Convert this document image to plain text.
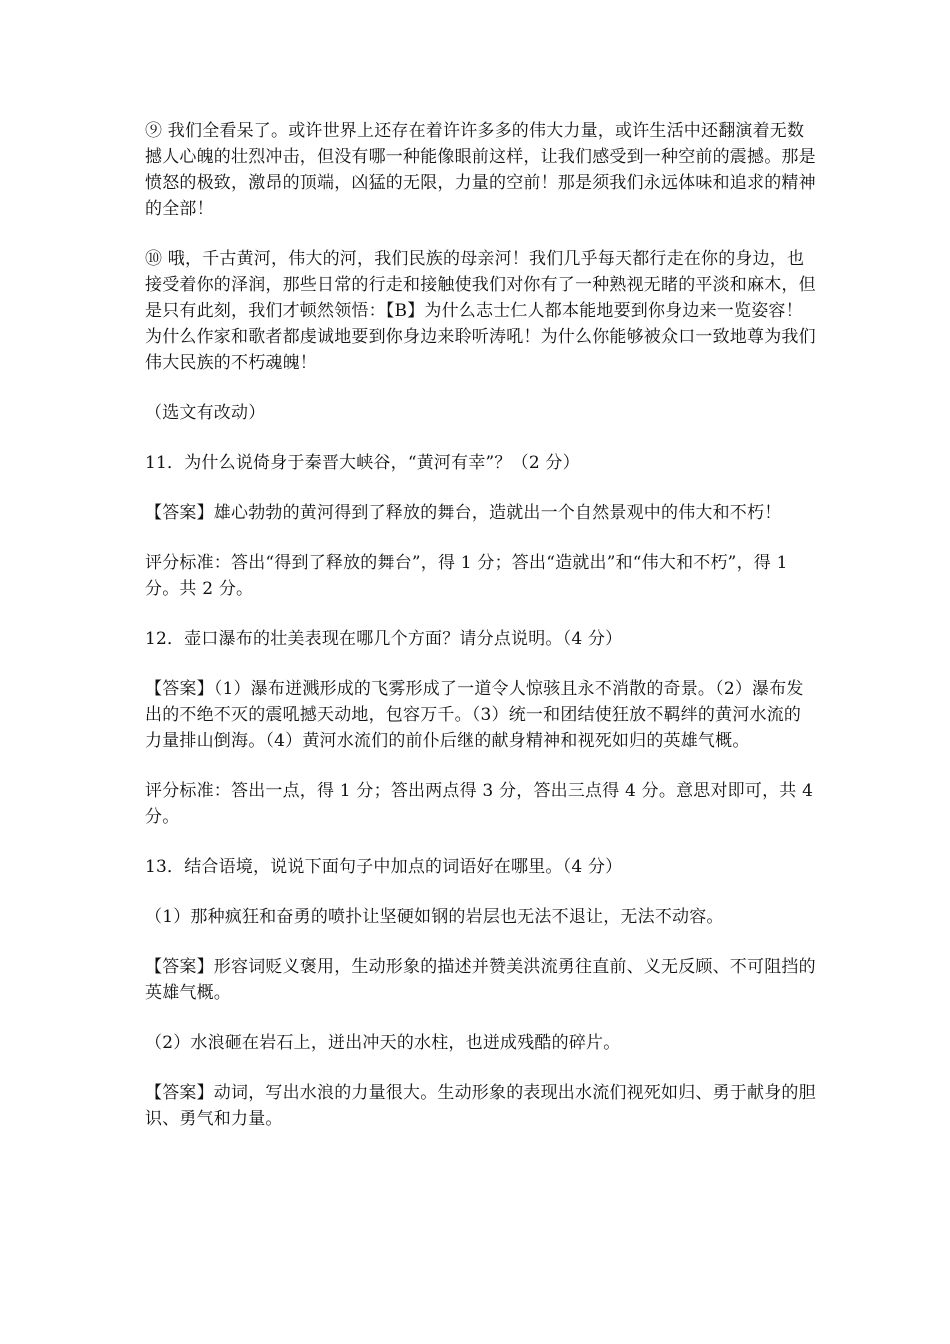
⑨ 我们全看呆了。或许世界上还存在着许许多多的伟大力量，或许生活中还翻演着无数撼人心魄的壮烈冲击，但没有哪一种能像眼前这样，让我们感受到一种空前的震撼。那是愤怒的极致，激昂的顶端，凶猛的无限，力量的空前！那是须我们永远体味和追求的精神的全部！

⑩ 哦，千古黄河，伟大的河，我们民族的母亲河！我们几乎每天都行走在你的身边，也接受着你的泽润，那些日常的行走和接触使我们对你有了一种熟视无睹的平淡和麻木，但是只有此刻，我们才顿然领悟：【B】为什么志士仁人都本能地要到你身边来一览姿容！为什么作家和歌者都虔诚地要到你身边来聆听涛吼！为什么你能够被众口一致地尊为我们伟大民族的不朽魂魄！

（选文有改动）

11．为什么说倚身于秦晋大峡谷，“黄河有幸”？（2 分）

【答案】雄心勃勃的黄河得到了释放的舞台，造就出一个自然景观中的伟大和不朽！

评分标准：答出“得到了释放的舞台”，得 1 分；答出“造就出”和“伟大和不朽”，得 1 分。共 2 分。

12．壶口瀑布的壮美表现在哪几个方面？请分点说明。（4 分）

【答案】（1）瀑布迸溅形成的飞雾形成了一道令人惊骇且永不消散的奇景。（2）瀑布发出的不绝不灭的震吼撼天动地，包容万千。（3）统一和团结使狂放不羁绊的黄河水流的力量排山倒海。（4）黄河水流们的前仆后继的献身精神和视死如归的英雄气概。

评分标准：答出一点，得 1 分；答出两点得 3 分，答出三点得 4 分。意思对即可，共 4 分。

13．结合语境，说说下面句子中加点的词语好在哪里。（4 分）

（1）那种疯狂和奋勇的喷扑让坚硬如钢的岩层也无法不退让，无法不动容。

【答案】形容词贬义褒用，生动形象的描述并赞美洪流勇往直前、义无反顾、不可阻挡的英雄气概。

（2）水浪砸在岩石上，迸出冲天的水柱，也迸成残酷的碎片。

【答案】动词，写出水浪的力量很大。生动形象的表现出水流们视死如归、勇于献身的胆识、勇气和力量。
